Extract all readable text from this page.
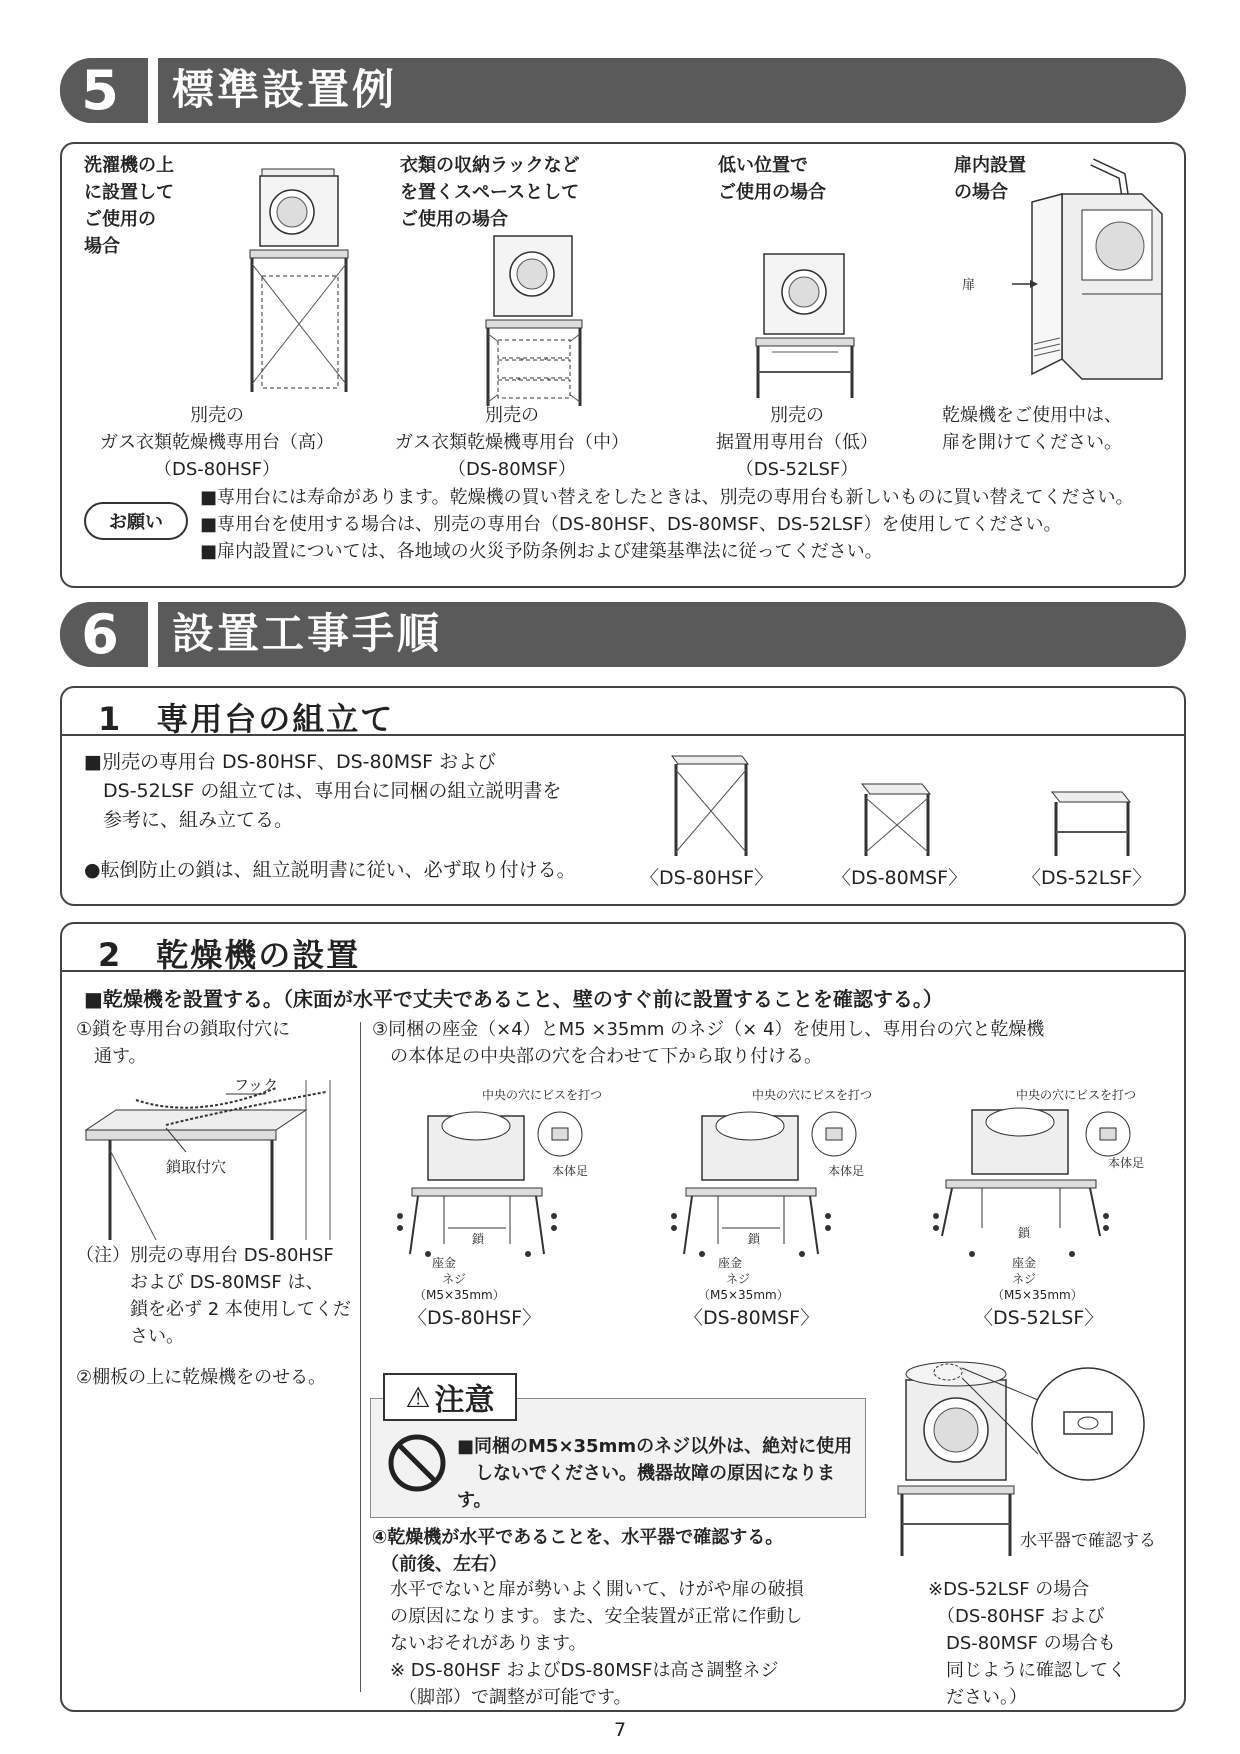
5	標準設置例
洗濯機の上
に設置して
ご使用の
場合
別売の
ガス衣類乾燥機専用台（高）
（DS-80HSF）
衣類の収納ラックなど
を置くスペースとして
ご使用の場合
別売の
ガス衣類乾燥機専用台（中）
（DS-80MSF）
低い位置で
ご使用の場合
別売の
据置用専用台（低）
（DS-52LSF）
扉内設置
の場合
扉
乾燥機をご使用中は、
扉を開けてください。
お願い
■専用台には寿命があります。乾燥機の買い替えをしたときは、別売の専用台も新しいものに買い替えてください。
■専用台を使用する場合は、別売の専用台（DS-80HSF、DS-80MSF、DS-52LSF）を使用してください。
■扉内設置については、各地域の火災予防条例および建築基準法に従ってください。
6	設置工事手順
1　専用台の組立て
■別売の専用台 DS-80HSF、DS-80MSF および
　DS-52LSF の組立ては、専用台に同梱の組立説明書を
　参考に、組み立てる。
●転倒防止の鎖は、組立説明書に従い、必ず取り付ける。	〈DS-80HSF〉	〈DS-80MSF〉	〈DS-52LSF〉
2　乾燥機の設置
■乾燥機を設置する。（床面が水平で丈夫であること、壁のすぐ前に設置することを確認する。）
①鎖を専用台の鎖取付穴に
　通す。
フック
鎖取付穴
（注）別売の専用台 DS-80HSF
　　　および DS-80MSF は、
　　　鎖を必ず 2 本使用してくだ
　　　さい。
②棚板の上に乾燥機をのせる。
③同梱の座金（×4）とM5 ×35mm のネジ（× 4）を使用し、専用台の穴と乾燥機
　の本体足の中央部の穴を合わせて下から取り付ける。
中央の穴にビスを打つ
本体足
鎖
座金
ネジ
（M5×35mm）
〈DS-80HSF〉
中央の穴にビスを打つ
本体足
鎖
座金
ネジ
（M5×35mm）
〈DS-80MSF〉
中央の穴にビスを打つ
本体足
鎖
座金
ネジ
（M5×35mm）
〈DS-52LSF〉
水平器で確認する
④乾燥機が水平であることを、水平器で確認する。
　（前後、左右）
　水平でないと扉が勢いよく開いて、けがや扉の破損
　の原因になります。また、安全装置が正常に作動し
　ないおそれがあります。
　※ DS-80HSF およびDS-80MSFは高さ調整ネジ
　　（脚部）で調整が可能です。
※DS-52LSF の場合
　（DS-80HSF および
　DS-80MSF の場合も
　同じように確認してく
　ださい。）
⚠ 注意
■同梱のM5×35mmのネジ以外は、絶対に使用
　しないでください。機器故障の原因になります。
7
